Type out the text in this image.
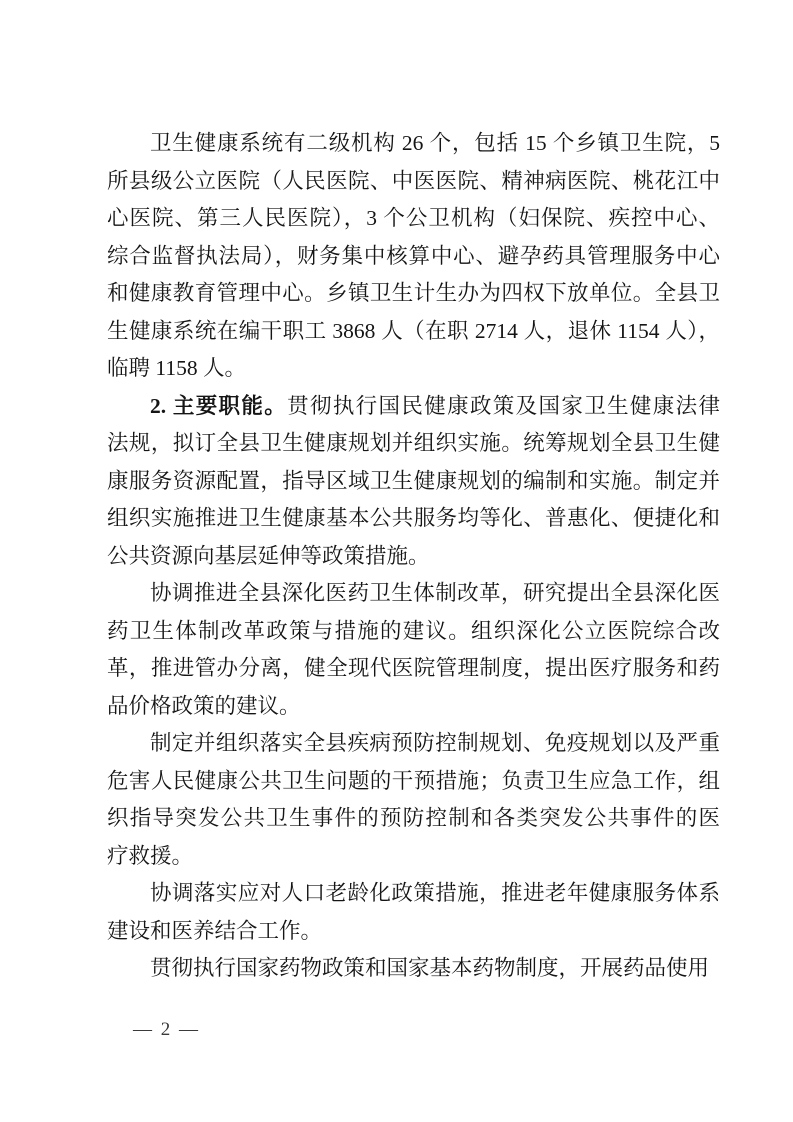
卫生健康系统有二级机构 26 个，包括 15 个乡镇卫生院，5
所县级公立医院（人民医院、中医医院、精神病医院、桃花江中
心医院、第三人民医院），3 个公卫机构（妇保院、疾控中心、
综合监督执法局），财务集中核算中心、避孕药具管理服务中心
和健康教育管理中心。乡镇卫生计生办为四权下放单位。全县卫
生健康系统在编干职工 3868 人（在职 2714 人，退休 1154 人），
临聘 1158 人。
2. 主要职能。贯彻执行国民健康政策及国家卫生健康法律
法规，拟订全县卫生健康规划并组织实施。统筹规划全县卫生健
康服务资源配置，指导区域卫生健康规划的编制和实施。制定并
组织实施推进卫生健康基本公共服务均等化、普惠化、便捷化和
公共资源向基层延伸等政策措施。
协调推进全县深化医药卫生体制改革，研究提出全县深化医
药卫生体制改革政策与措施的建议。组织深化公立医院综合改
革，推进管办分离，健全现代医院管理制度，提出医疗服务和药
品价格政策的建议。
制定并组织落实全县疾病预防控制规划、免疫规划以及严重
危害人民健康公共卫生问题的干预措施；负责卫生应急工作，组
织指导突发公共卫生事件的预防控制和各类突发公共事件的医
疗救援。
协调落实应对人口老龄化政策措施，推进老年健康服务体系
建设和医养结合工作。
贯彻执行国家药物政策和国家基本药物制度，开展药品使用
— 2 —
